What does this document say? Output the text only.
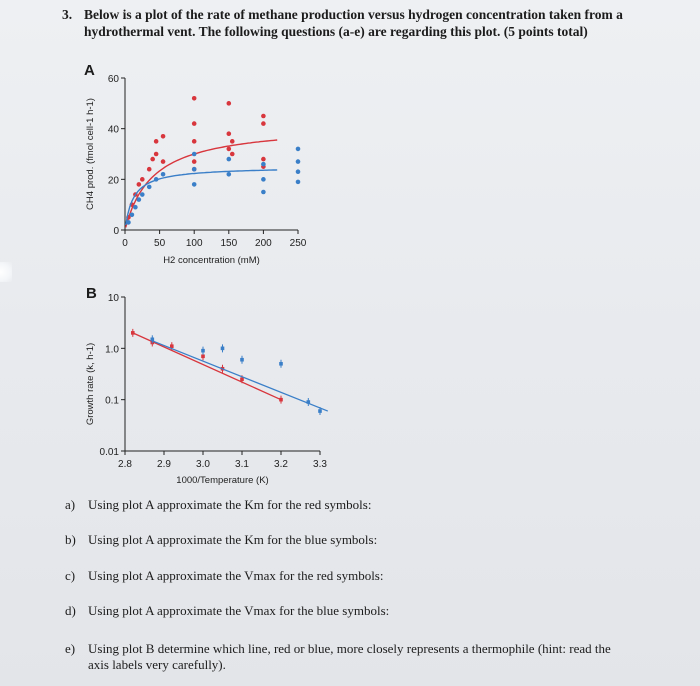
3. Below is a plot of the rate of methane production versus hydrogen concentration taken from a hydrothermal vent. The following questions (a-e) are regarding this plot. (5 points total)
A
0
20
40
60
0	50 100 150 200 250
H2 concentration (mM)
CH4 prod. (fmol cell-1 h-1)
B
0.01
0.1
1.0
10
2.8	2.9	3.0	3.1	3.2	3.3
1000/Temperature (K)
Growth rate (k, h-1)
a) Using plot A approximate the Km for the red symbols:
b) Using plot A approximate the Km for the blue symbols:
c) Using plot A approximate the Vmax for the red symbols:
d) Using plot A approximate the Vmax for the blue symbols:
e) Using plot B determine which line, red or blue, more closely represents a thermophile (hint: read the axis labels very carefully).
